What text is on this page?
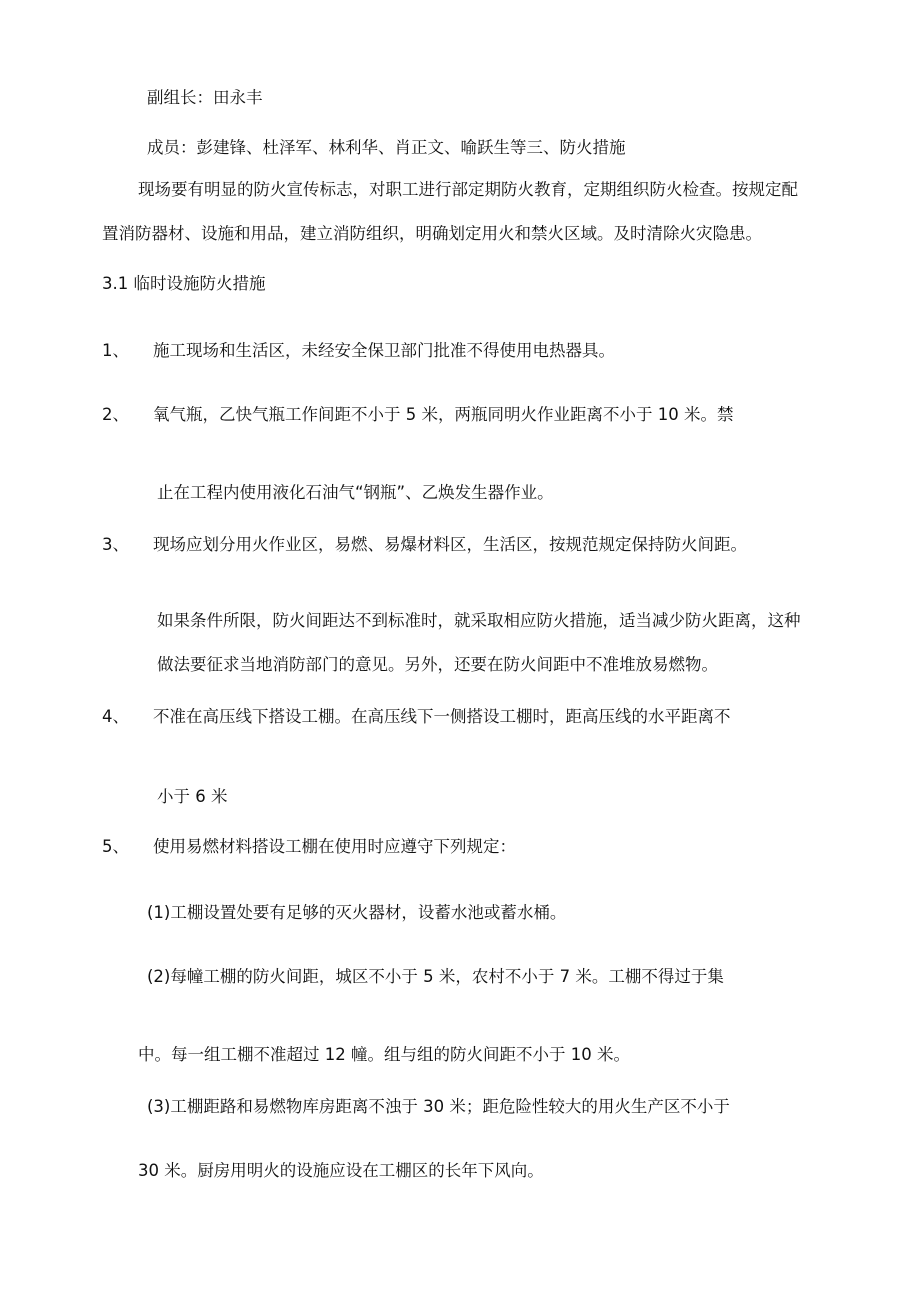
副组长：田永丰
成员：彭建锋、杜泽军、林利华、肖正文、喻跃生等三、防火措施
现场要有明显的防火宣传标志，对职工进行部定期防火教育，定期组织防火检查。按规定配
置消防器材、设施和用品，建立消防组织，明确划定用火和禁火区域。及时清除火灾隐患。
3.1 临时设施防火措施
1、 施工现场和生活区，未经安全保卫部门批准不得使用电热器具。
2、 氧气瓶，乙快气瓶工作间距不小于 5 米，两瓶同明火作业距离不小于 10 米。禁
止在工程内使用液化石油气“钢瓶”、乙焕发生器作业。
3、 现场应划分用火作业区，易燃、易爆材料区，生活区，按规范规定保持防火间距。
如果条件所限，防火间距达不到标准时，就采取相应防火措施，适当减少防火距离，这种
做法要征求当地消防部门的意见。另外，还要在防火间距中不准堆放易燃物。
4、 不准在高压线下搭设工棚。在高压线下一侧搭设工棚时，距高压线的水平距离不
小于 6 米
5、 使用易燃材料搭设工棚在使用时应遵守下列规定：
(1)工棚设置处要有足够的灭火器材，设蓄水池或蓄水桶。
(2)每幢工棚的防火间距，城区不小于 5 米，农村不小于 7 米。工棚不得过于集
中。每一组工棚不准超过 12 幢。组与组的防火间距不小于 10 米。
(3)工棚距路和易燃物库房距离不浊于 30 米；距危险性较大的用火生产区不小于
30 米。厨房用明火的设施应设在工棚区的长年下风向。
